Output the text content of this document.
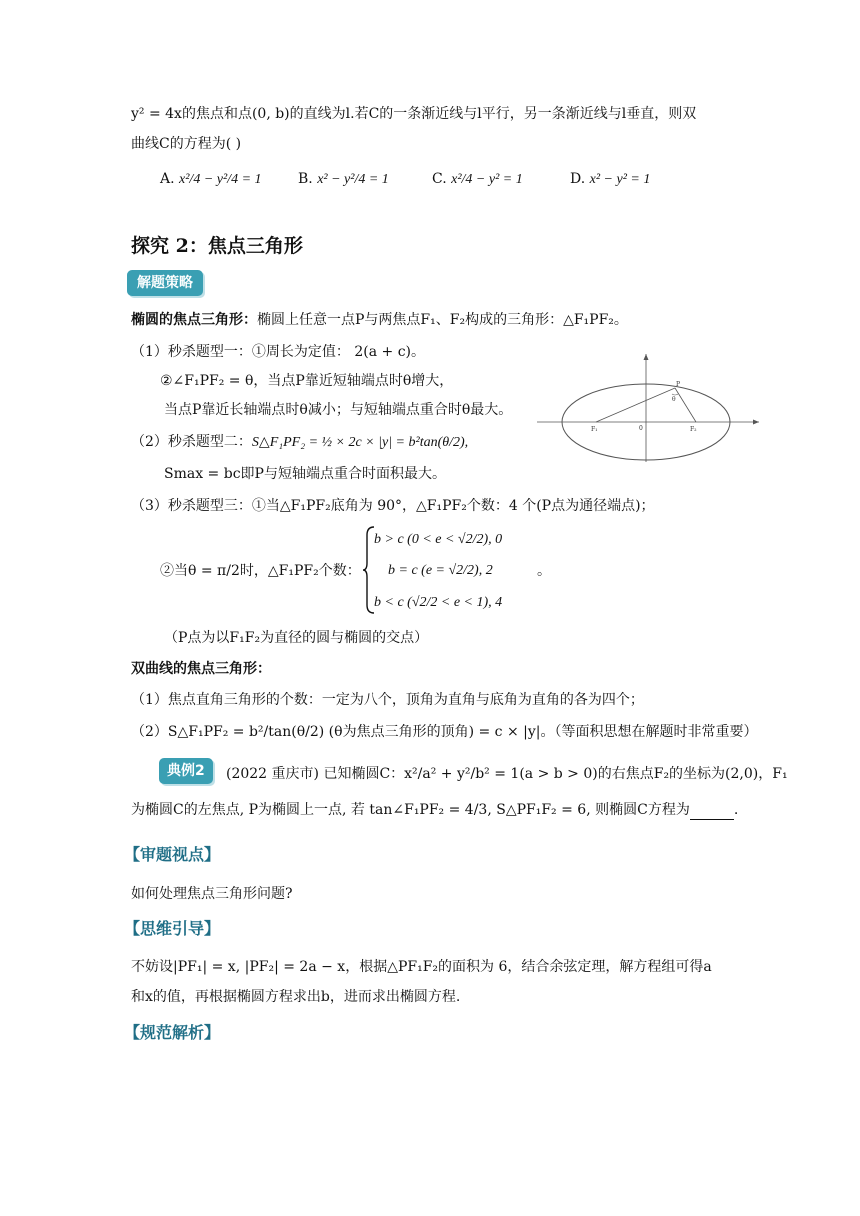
y² = 4x的焦点和点(0, b)的直线为l.若C的一条渐近线与l平行，另一条渐近线与l垂直，则双
曲线C的方程为( )
A. x²/4 − y²/4 = 1	B. x² − y²/4 = 1	C. x²/4 − y² = 1	D. x² − y² = 1
探究 2：焦点三角形
解题策略
椭圆的焦点三角形：椭圆上任意一点P与两焦点F₁、F₂构成的三角形：△F₁PF₂。
（1）秒杀题型一：①周长为定值： 2(a + c)。
②∠F₁PF₂ = θ，当点P靠近短轴端点时θ增大，
当点P靠近长轴端点时θ减小；与短轴端点重合时θ最大。
（2）秒杀题型二：S△F₁PF₂ = ½ × 2c × |y| = b²tan(θ/2),
Smax = bc即P与短轴端点重合时面积最大。
（3）秒杀题型三：①当△F₁PF₂底角为 90°，△F₁PF₂个数：4 个(P点为通径端点)；
②当θ = π/2时，△F₁PF₂个数：
b > c (0 < e < √2/2), 0
b = c (e = √2/2), 2	。
b < c (√2/2 < e < 1), 4
（P点为以F₁F₂为直径的圆与椭圆的交点）
双曲线的焦点三角形：
（1）焦点直角三角形的个数：一定为八个，顶角为直角与底角为直角的各为四个；
（2）S△F₁PF₂ = b²/tan(θ/2) (θ为焦点三角形的顶角) = c × |y|。（等面积思想在解题时非常重要）
P
θ
F₁	0	F₂
典例2	(2022 重庆市) 已知椭圆C：x²/a² + y²/b² = 1(a > b > 0)的右焦点F₂的坐标为(2,0)，F₁
为椭圆C的左焦点, P为椭圆上一点, 若 tan∠F₁PF₂ = 4/3, S△PF₁F₂ = 6, 则椭圆C方程为	.
【审题视点】
如何处理焦点三角形问题?
【思维引导】
不妨设|PF₁| = x, |PF₂| = 2a − x，根据△PF₁F₂的面积为 6，结合余弦定理，解方程组可得a
和x的值，再根据椭圆方程求出b，进而求出椭圆方程.
【规范解析】
